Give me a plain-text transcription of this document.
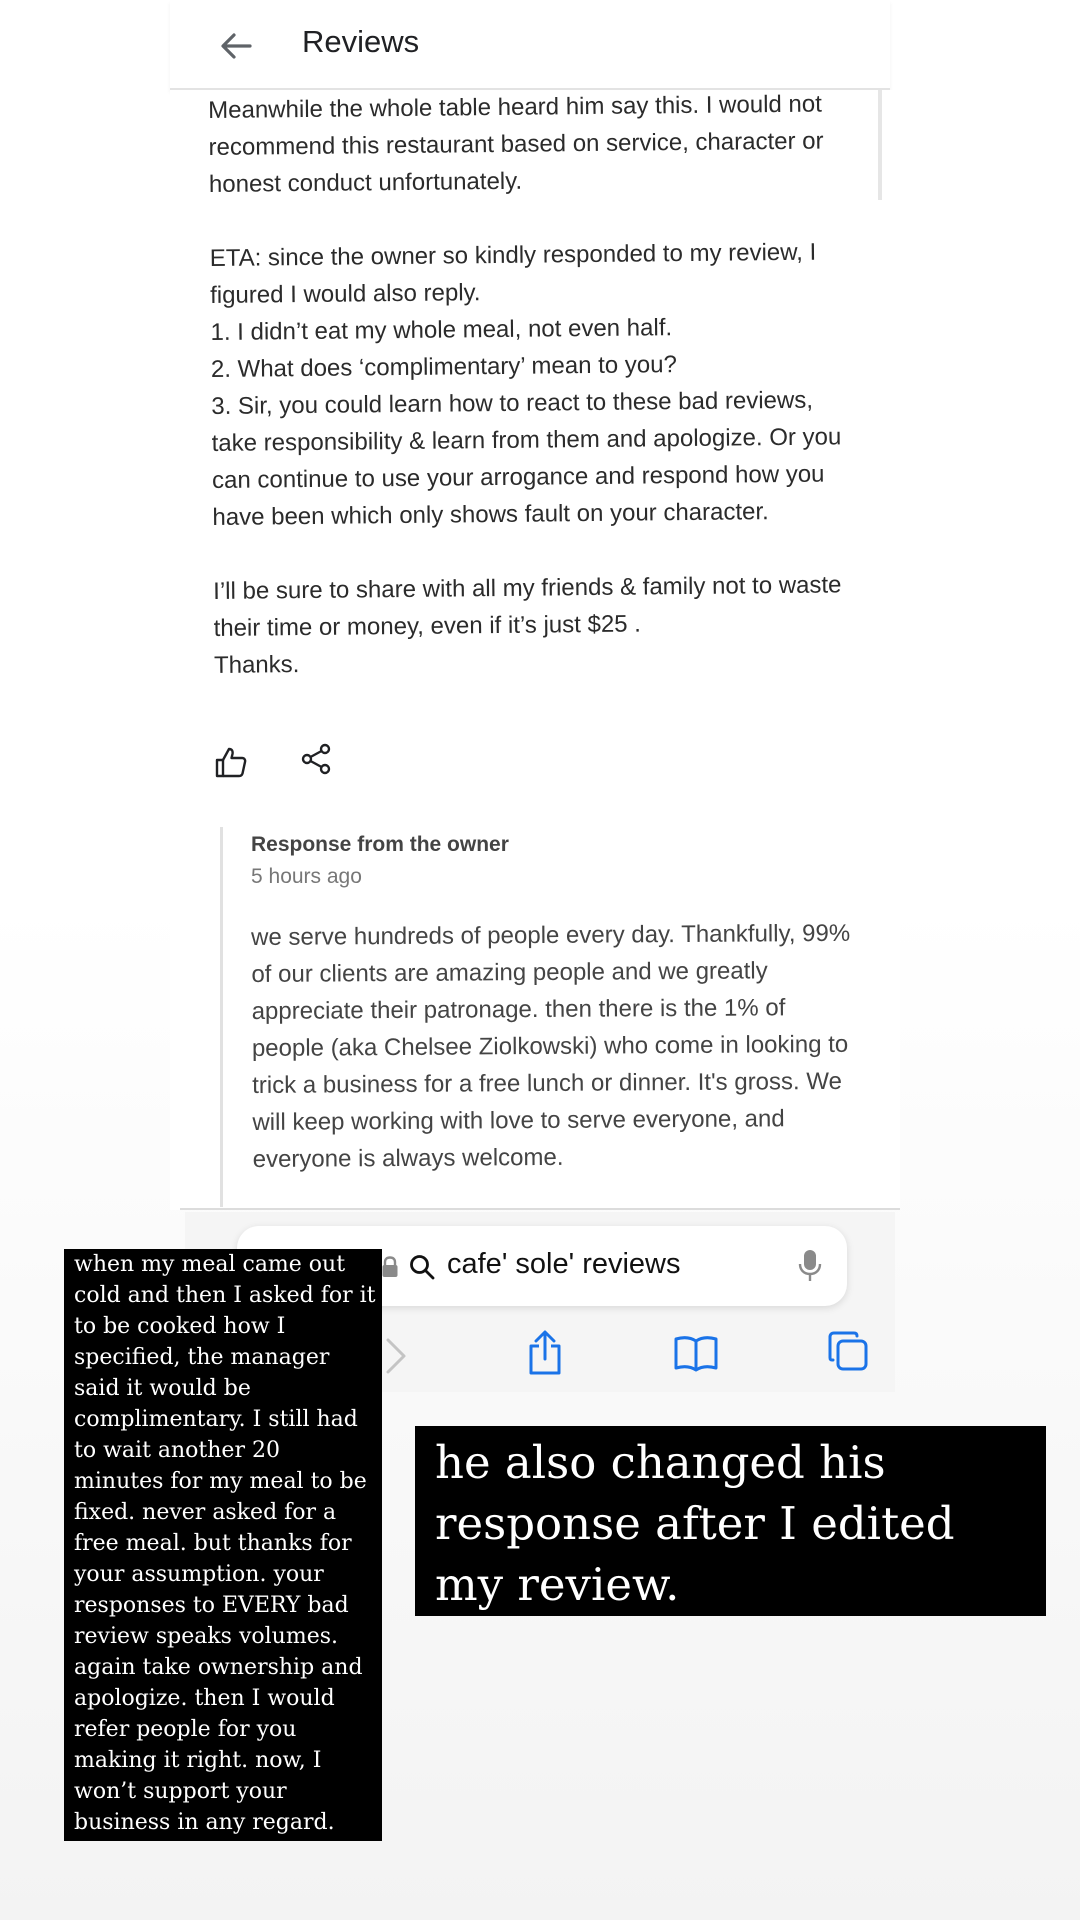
Reviews

Meanwhile the whole table heard him say this. I would not recommend this restaurant based on service, character or honest conduct unfortunately.

ETA: since the owner so kindly responded to my review, I figured I would also reply.

1. I didn’t eat my whole meal, not even half.

2. What does ‘complimentary’ mean to you?

3. Sir, you could learn how to react to these bad reviews, take responsibility & learn from them and apologize. Or you can continue to use your arrogance and respond how you have been which only shows fault on your character.

I’ll be sure to share with all my friends & family not to waste their time or money, even if it’s just $25 .

Thanks.

Response from the owner
5 hours ago
we serve hundreds of people every day. Thankfully, 99% of our clients are amazing people and we greatly appreciate their patronage. then there is the 1% of people (aka Chelsee Ziolkowski) who come in looking to trick a business for a free lunch or dinner. It's gross. We will keep working with love to serve everyone, and everyone is always welcome.
cafe' sole' reviews
when my meal came out cold and then I asked for it to be cooked how I specified, the manager said it would be complimentary. I still had to wait another 20 minutes for my meal to be fixed. never asked for a free meal. but thanks for your assumption. your responses to EVERY bad review speaks volumes. again take ownership and apologize. then I would refer people for you making it right. now, I won’t support your business in any regard.
he also changed his response after I edited my review.
